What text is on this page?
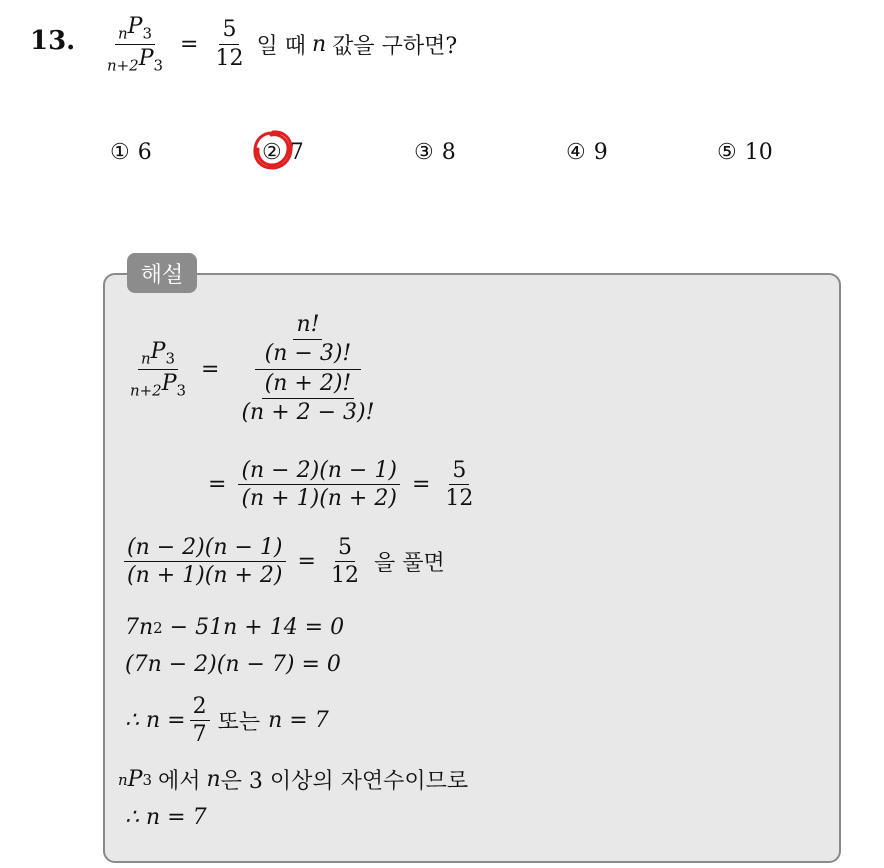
13. $\frac{_nP_3}{_{n+2}P_3} = \frac{5}{12}$ 일 때 n 값을 구하면?
① 6	② 7	③ 8	④ 9	⑤ 10
해설
$\frac{_nP_3}{_{n+2}P_3} = \frac{\frac{n!}{(n - 3)!}}{\frac{(n + 2)!}{(n + 2 - 3)!}}$
= $\frac{(n - 2)(n - 1)}{(n + 1)(n + 2)} = \frac{5}{12}$
$\frac{(n - 2)(n - 1)}{(n + 1)(n + 2)} = \frac{5}{12}$ 을 풀면
7n 2 − 51n + 14 = 0
(7n − 2)(n − 7) = 0
∴ $n = \frac{2}{7}$ 또는 n = 7
n P 3 에서 n 은 3 이상의 자연수이므로
∴ n = 7
